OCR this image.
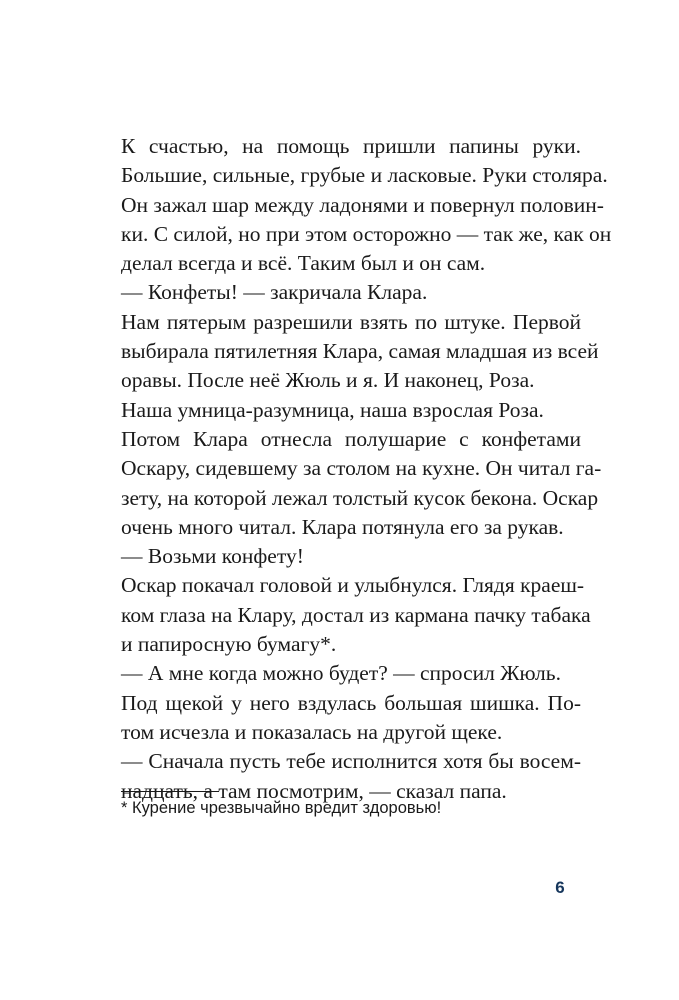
К счастью, на помощь пришли папины руки.
Большие, сильные, грубые и ласковые. Руки столяра.
Он зажал шар между ладонями и повернул половин-
ки. С силой, но при этом осторожно — так же, как он
делал всегда и всё. Таким был и он сам.
— Конфеты! — закричала Клара.
Нам пятерым разрешили взять по штуке. Первой
выбирала пятилетняя Клара, самая младшая из всей
оравы. После неё Жюль и я. И наконец, Роза.
Наша умница-разумница, наша взрослая Роза.
Потом Клара отнесла полушарие с конфетами
Оскару, сидевшему за столом на кухне. Он читал га-
зету, на которой лежал толстый кусок бекона. Оскар
очень много читал. Клара потянула его за рукав.
— Возьми конфету!
Оскар покачал головой и улыбнулся. Глядя краеш-
ком глаза на Клару, достал из кармана пачку табака
и папиросную бумагу*.
— А мне когда можно будет? — спросил Жюль.
Под щекой у него вздулась большая шишка. По-
том исчезла и показалась на другой щеке.
— Сначала пусть тебе исполнится хотя бы восем-
надцать, а там посмотрим, — сказал папа.
* Курение чрезвычайно вредит здоровью!
6
